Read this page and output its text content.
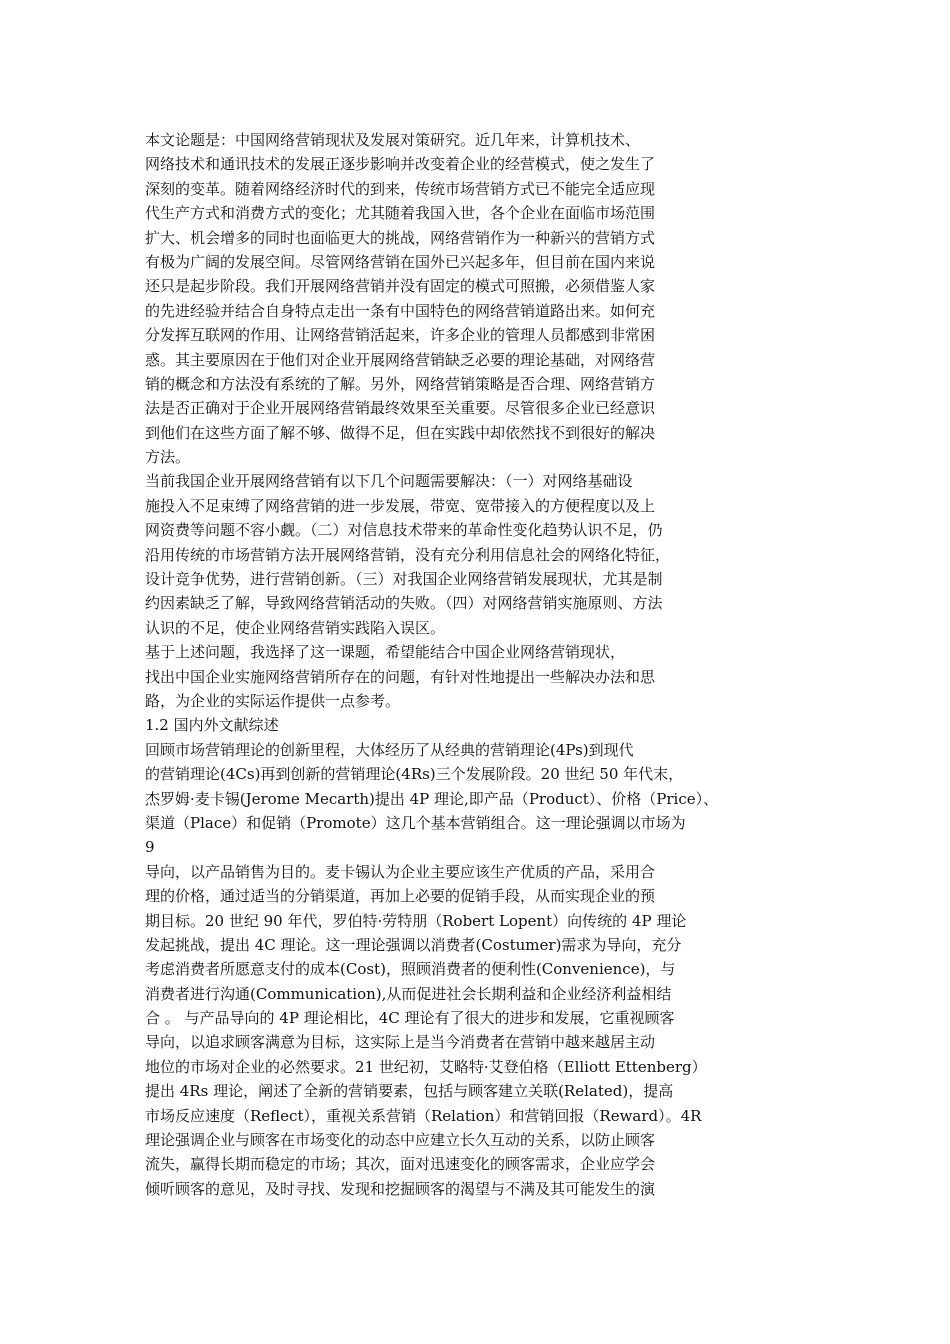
本文论题是：中国网络营销现状及发展对策研究。近几年来，计算机技术、
网络技术和通讯技术的发展正逐步影响并改变着企业的经营模式，使之发生了
深刻的变革。随着网络经济时代的到来，传统市场营销方式已不能完全适应现
代生产方式和消费方式的变化；尤其随着我国入世，各个企业在面临市场范围
扩大、机会增多的同时也面临更大的挑战，网络营销作为一种新兴的营销方式
有极为广阔的发展空间。尽管网络营销在国外已兴起多年，但目前在国内来说
还只是起步阶段。我们开展网络营销并没有固定的模式可照搬，必须借鉴人家
的先进经验并结合自身特点走出一条有中国特色的网络营销道路出来。如何充
分发挥互联网的作用、让网络营销活起来，许多企业的管理人员都感到非常困
惑。其主要原因在于他们对企业开展网络营销缺乏必要的理论基础，对网络营
销的概念和方法没有系统的了解。另外，网络营销策略是否合理、网络营销方
法是否正确对于企业开展网络营销最终效果至关重要。尽管很多企业已经意识
到他们在这些方面了解不够、做得不足，但在实践中却依然找不到很好的解决
方法。
当前我国企业开展网络营销有以下几个问题需要解决：（一）对网络基础设
施投入不足束缚了网络营销的进一步发展，带宽、宽带接入的方便程度以及上
网资费等问题不容小觑。（二）对信息技术带来的革命性变化趋势认识不足，仍
沿用传统的市场营销方法开展网络营销，没有充分利用信息社会的网络化特征，
设计竞争优势，进行营销创新。（三）对我国企业网络营销发展现状，尤其是制
约因素缺乏了解，导致网络营销活动的失败。（四）对网络营销实施原则、方法
认识的不足，使企业网络营销实践陷入误区。
基于上述问题，我选择了这一课题，希望能结合中国企业网络营销现状，
找出中国企业实施网络营销所存在的问题，有针对性地提出一些解决办法和思
路，为企业的实际运作提供一点参考。
1.2 国内外文献综述
回顾市场营销理论的创新里程，大体经历了从经典的营销理论(4Ps)到现代
的营销理论(4Cs)再到创新的营销理论(4Rs)三个发展阶段。20 世纪 50 年代末，
杰罗姆·麦卡锡(Jerome Mecarth)提出 4P 理论,即产品（Product）、价格（Price）、
渠道（Place）和促销（Promote）这几个基本营销组合。这一理论强调以市场为
9
导向，以产品销售为目的。麦卡锡认为企业主要应该生产优质的产品，采用合
理的价格，通过适当的分销渠道，再加上必要的促销手段，从而实现企业的预
期目标。20 世纪 90 年代，罗伯特·劳特朋（Robert Lopent）向传统的 4P 理论
发起挑战，提出 4C 理论。这一理论强调以消费者(Costumer)需求为导向，充分
考虑消费者所愿意支付的成本(Cost)，照顾消费者的便利性(Convenience)，与
消费者进行沟通(Communication),从而促进社会长期利益和企业经济利益相结
合 。 与产品导向的 4P 理论相比，4C 理论有了很大的进步和发展，它重视顾客
导向，以追求顾客满意为目标，这实际上是当今消费者在营销中越来越居主动
地位的市场对企业的必然要求。21 世纪初，艾略特·艾登伯格（Elliott Ettenberg）
提出 4Rs 理论，阐述了全新的营销要素，包括与顾客建立关联(Related)，提高
市场反应速度（Reflect），重视关系营销（Relation）和营销回报（Reward）。4R
理论强调企业与顾客在市场变化的动态中应建立长久互动的关系，以防止顾客
流失，赢得长期而稳定的市场；其次，面对迅速变化的顾客需求，企业应学会
倾听顾客的意见，及时寻找、发现和挖掘顾客的渴望与不满及其可能发生的演
